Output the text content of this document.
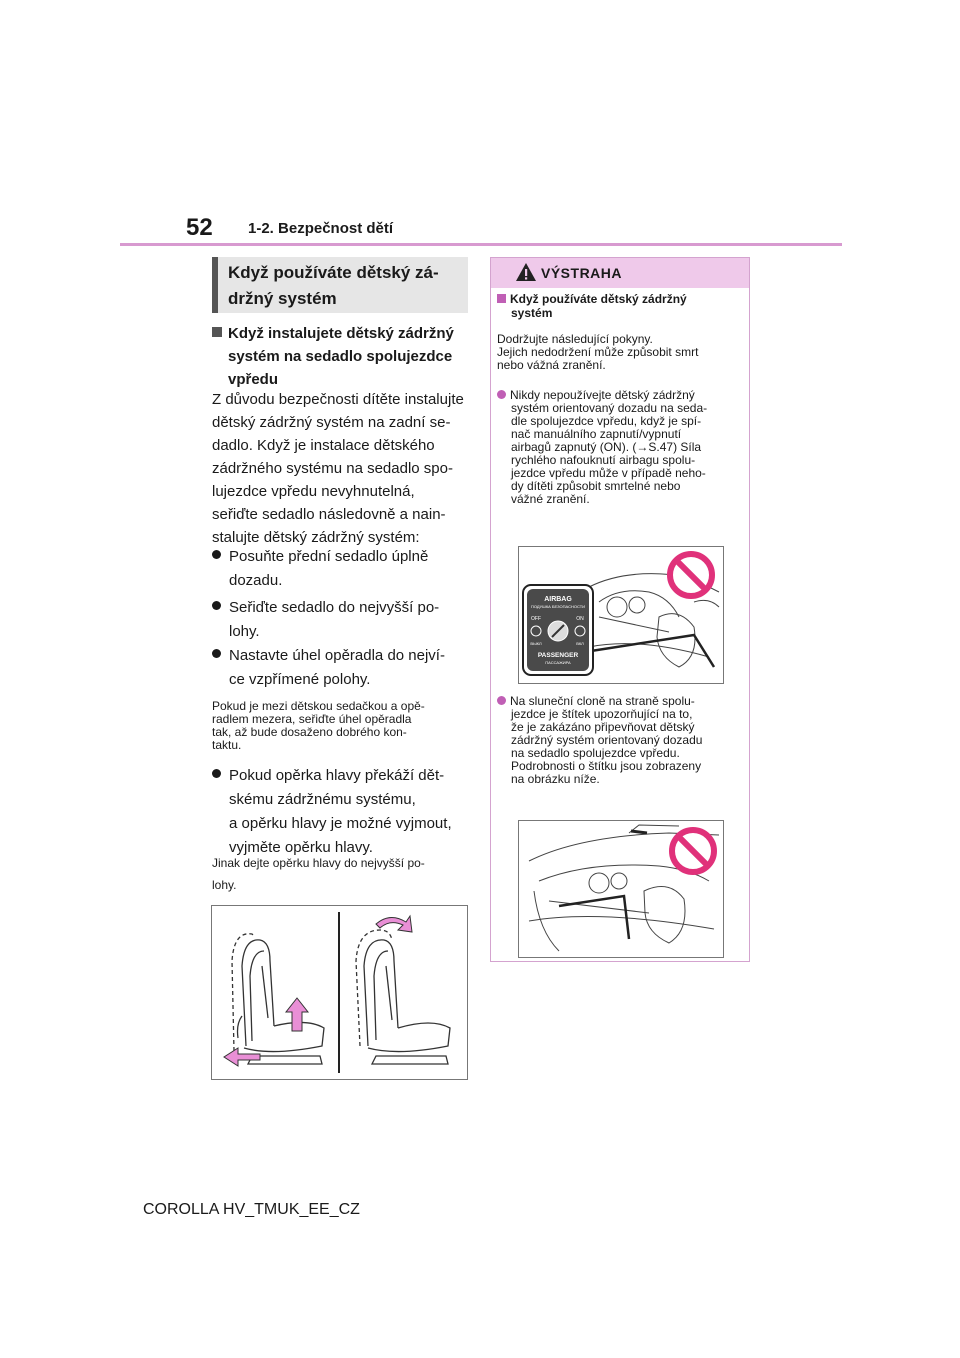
52 1-2. Bezpečnost dětí
Když používáte dětský zá-
držný systém
Když instalujete dětský zádržný
systém na sedadlo spolujezdce
vpředu
Z důvodu bezpečnosti dítěte instalujte
dětský zádržný systém na zadní se-
dadlo. Když je instalace dětského
zádržného systému na sedadlo spo-
lujezdce vpředu nevyhnutelná,
seřiďte sedadlo následovně a nain-
stalujte dětský zádržný systém:
Posuňte přední sedadlo úplně
dozadu.
Seřiďte sedadlo do nejvyšší po-
lohy.
Nastavte úhel opěradla do nejví-
ce vzpřímené polohy.
Pokud je mezi dětskou sedačkou a opě-
radlem mezera, seřiďte úhel opěradla
tak, až bude dosaženo dobrého kon-
taktu.
Pokud opěrka hlavy překáží dět-
skému zádržnému systému,
a opěrku hlavy je možné vyjmout,
vyjměte opěrku hlavy.
Jinak dejte opěrku hlavy do nejvyšší po-
lohy.
VÝSTRAHA
Když používáte dětský zádržný
systém
Dodržujte následující pokyny.
Jejich nedodržení může způsobit smrt
nebo vážná zranění.
Nikdy nepoužívejte dětský zádržný
systém orientovaný dozadu na seda-
dle spolujezdce vpředu, když je spí-
nač manuálního zapnutí/vypnutí
airbagů zapnutý (ON). (→S.47) Síla
rychlého nafouknutí airbagu spolu-
jezdce vpředu může v případě neho-
dy dítěti způsobit smrtelné nebo
vážné zranění.
AIRBAG
ПОДУШКА БЕЗОПАСНОСТИ
OFF	ON
ВЫКЛ	ВКЛ
PASSENGER
ПАССАЖИРА
Na sluneční cloně na straně spolu-
jezdce je štítek upozorňující na to,
že je zakázáno připevňovat dětský
zádržný systém orientovaný dozadu
na sedadlo spolujezdce vpředu.
Podrobnosti o štítku jsou zobrazeny
na obrázku níže.
COROLLA HV_TMUK_EE_CZ
